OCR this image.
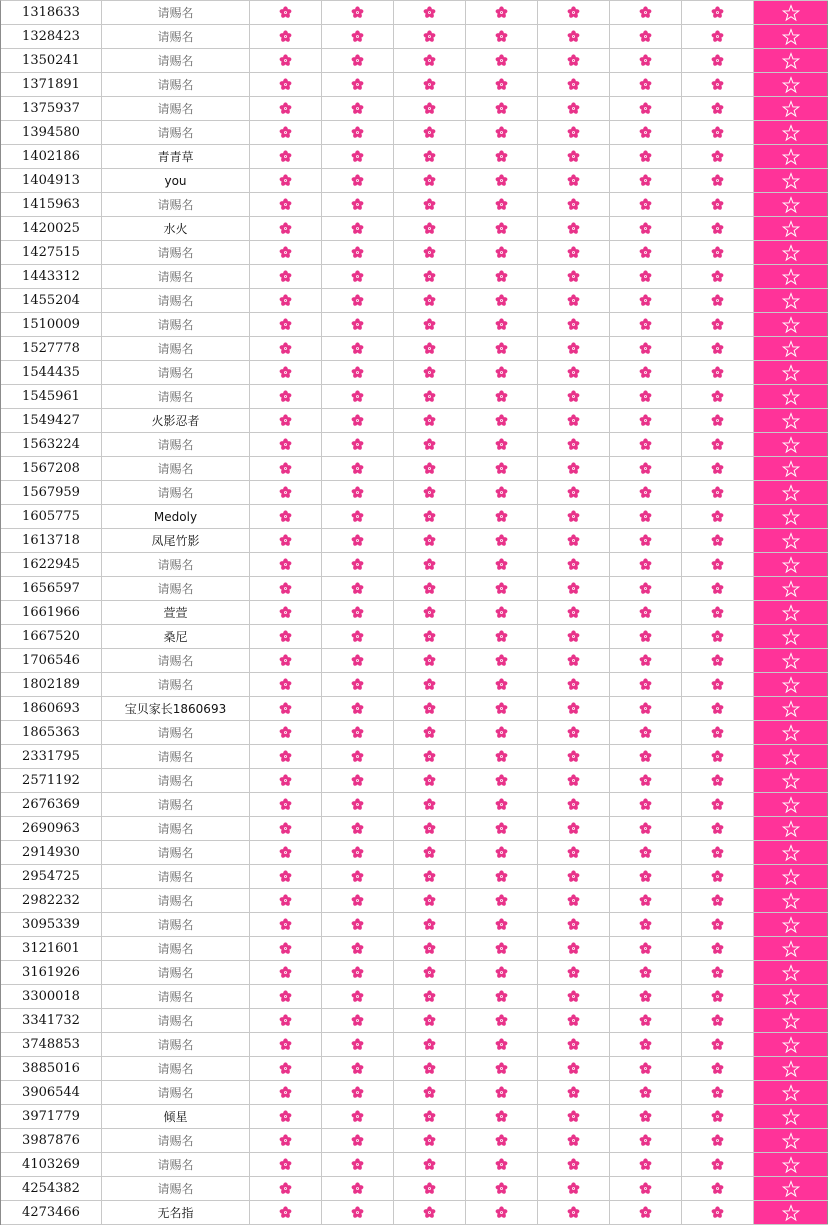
1318633	请赐名
1328423	请赐名
1350241	请赐名
1371891	请赐名
1375937	请赐名
1394580	请赐名
1402186	青青草
1404913	you
1415963	请赐名
1420025	水火
1427515	请赐名
1443312	请赐名
1455204	请赐名
1510009	请赐名
1527778	请赐名
1544435	请赐名
1545961	请赐名
1549427	火影忍者
1563224	请赐名
1567208	请赐名
1567959	请赐名
1605775	Medoly
1613718	凤尾竹影
1622945	请赐名
1656597	请赐名
1661966	萱萱
1667520	桑尼
1706546	请赐名
1802189	请赐名
1860693	宝贝家长1860693
1865363	请赐名
2331795	请赐名
2571192	请赐名
2676369	请赐名
2690963	请赐名
2914930	请赐名
2954725	请赐名
2982232	请赐名
3095339	请赐名
3121601	请赐名
3161926	请赐名
3300018	请赐名
3341732	请赐名
3748853	请赐名
3885016	请赐名
3906544	请赐名
3971779	倾星
3987876	请赐名
4103269	请赐名
4254382	请赐名
4273466	无名指
